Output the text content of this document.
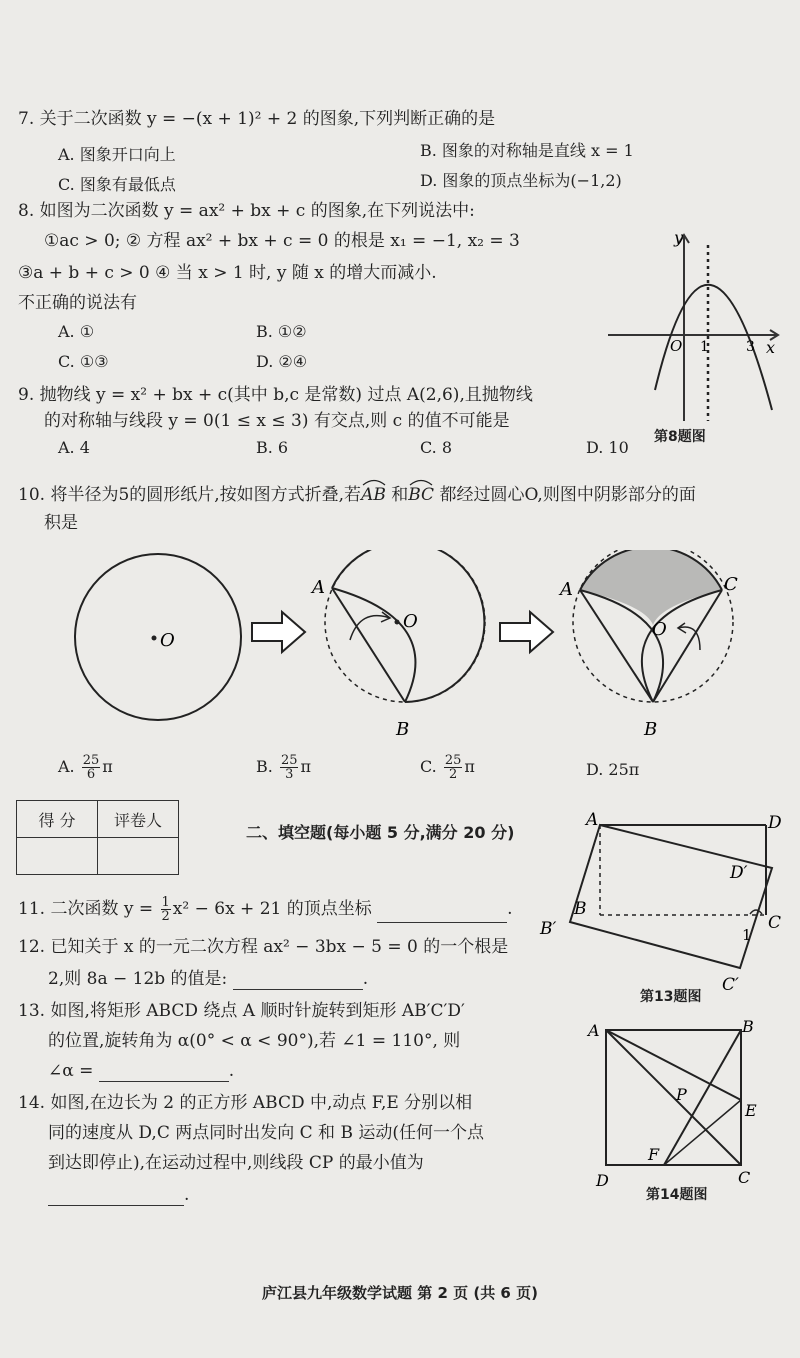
7. 关于二次函数 y = −(x + 1)² + 2 的图象,下列判断正确的是
A. 图象开口向上	B. 图象的对称轴是直线 x = 1
C. 图象有最低点	D. 图象的顶点坐标为(−1,2)
8. 如图为二次函数 y = ax² + bx + c 的图象,在下列说法中:
①ac > 0; ② 方程 ax² + bx + c = 0 的根是 x₁ = −1, x₂ = 3
③a + b + c > 0 ④ 当 x > 1 时, y 随 x 的增大而减小.
不正确的说法有
A. ①	B. ①②
C. ①③	D. ②④
y
x
O 1	3
9. 抛物线 y = x² + bx + c(其中 b,c 是常数) 过点 A(2,6),且抛物线
的对称轴与线段 y = 0(1 ≤ x ≤ 3) 有交点,则 c 的值不可能是
A. 4	B. 6	C. 8	D. 10
第8题图
10. 将半径为5的圆形纸片,按如图方式折叠,若
AB 和
BC 都经过圆心O,则图中阴影部分的面
积是
O
O
A
B
O
A	C
B
A. $\frac{25}{6}$ π	B. $\frac{25}{3}$ π	C. $\frac{25}{2}$ π	D. 25π
得 分	评卷人

二、填空题(每小题 5 分,满分 20 分)
11. 二次函数 $y = \frac{1}{2} x^2 - 6x + 21$ 的顶点坐标	.
12. 已知关于 x 的一元二次方程 ax² − 3bx − 5 = 0 的一个根是
2,则 8a − 12b 的值是:	.
13. 如图,将矩形 ABCD 绕点 A 顺时针旋转到矩形 AB′C′D′
的位置,旋转角为 α(0° < α < 90°),若 ∠1 = 110°, 则
∠α =	.
A	D
C
B
B′
D′
C′
1
第13题图
14. 如图,在边长为 2 的正方形 ABCD 中,动点 F,E 分别以相
同的速度从 D,C 两点同时出发向 C 和 B 运动(任何一个点
到达即停止),在运动过程中,则线段 CP 的最小值为
.
A	B
C
D
E
F
P
第14题图
庐江县九年级数学试题 第 2 页 (共 6 页)
